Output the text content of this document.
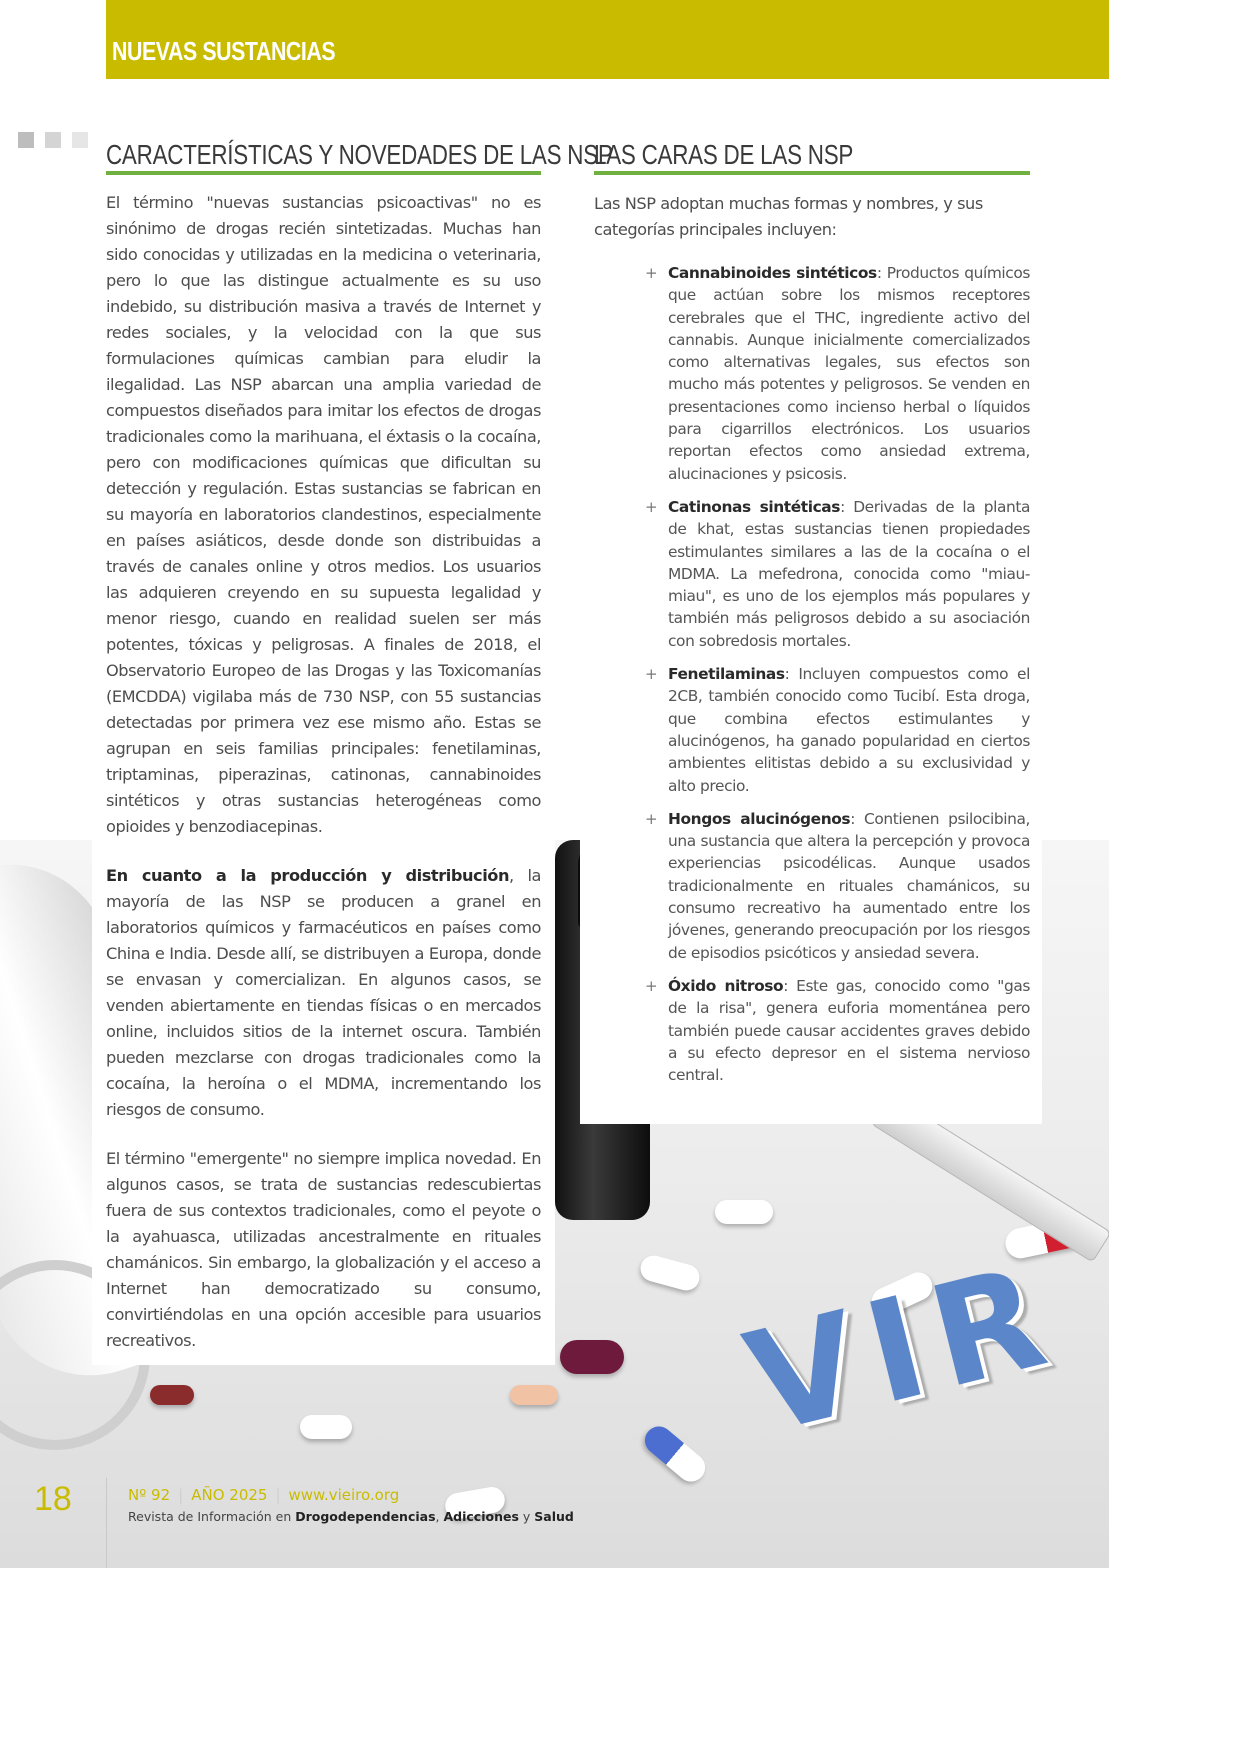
VIR
NUEVAS SUSTANCIAS
CARACTERÍSTICAS Y NOVEDADES DE LAS NSP
El término "nuevas sustancias psicoactivas" no es sinónimo de drogas recién sintetizadas. Muchas han sido conocidas y utilizadas en la medicina o veterinaria, pero lo que las distingue actualmente es su uso indebido, su distribución masiva a través de Internet y redes sociales, y la velocidad con la que sus formulaciones químicas cambian para eludir la ilegalidad. Las NSP abarcan una amplia variedad de compuestos diseñados para imitar los efectos de drogas tradicionales como la marihuana, el éxtasis o la cocaína, pero con modificaciones químicas que dificultan su detección y regulación. Estas sustancias se fabrican en su mayoría en laboratorios clandestinos, especialmente en países asiáticos, desde donde son distribuidas a través de canales online y otros medios. Los usuarios las adquieren creyendo en su supuesta legalidad y menor riesgo, cuando en realidad suelen ser más potentes, tóxicas y peligrosas. A finales de 2018, el Observatorio Europeo de las Drogas y las Toxicomanías (EMCDDA) vigilaba más de 730 NSP, con 55 sustancias detectadas por primera vez ese mismo año. Estas se agrupan en seis familias principales: fenetilaminas, triptaminas, piperazinas, catinonas, cannabinoides sintéticos y otras sustancias heterogéneas como opioides y benzodiacepinas.
En cuanto a la producción y distribución, la mayoría de las NSP se producen a granel en laboratorios químicos y farmacéuticos en países como China e India. Desde allí, se distribuyen a Europa, donde se envasan y comercializan. En algunos casos, se venden abiertamente en tiendas físicas o en mercados online, incluidos sitios de la internet oscura. También pueden mezclarse con drogas tradicionales como la cocaína, la heroína o el MDMA, incrementando los riesgos de consumo.
El término "emergente" no siempre implica novedad. En algunos casos, se trata de sustancias redescubiertas fuera de sus contextos tradicionales, como el peyote o la ayahuasca, utilizadas ancestralmente en rituales chamánicos. Sin embargo, la globalización y el acceso a Internet han democratizado su consumo, convirtiéndolas en una opción accesible para usuarios recreativos.
LAS CARAS DE LAS NSP
Las NSP adoptan muchas formas y nombres, y sus categorías principales incluyen:
+ Cannabinoides sintéticos: Productos químicos que actúan sobre los mismos receptores cerebrales que el THC, ingrediente activo del cannabis. Aunque inicialmente comercializados como alternativas legales, sus efectos son mucho más potentes y peligrosos. Se venden en presentaciones como incienso herbal o líquidos para cigarrillos electrónicos. Los usuarios reportan efectos como ansiedad extrema, alucinaciones y psicosis.
+ Catinonas sintéticas: Derivadas de la planta de khat, estas sustancias tienen propiedades estimulantes similares a las de la cocaína o el MDMA. La mefedrona, conocida como "miau-miau", es uno de los ejemplos más populares y también más peligrosos debido a su asociación con sobredosis mortales.
+ Fenetilaminas: Incluyen compuestos como el 2CB, también conocido como Tucibí. Esta droga, que combina efectos estimulantes y alucinógenos, ha ganado popularidad en ciertos ambientes elitistas debido a su exclusividad y alto precio.
+ Hongos alucinógenos: Contienen psilocibina, una sustancia que altera la percepción y provoca experiencias psicodélicas. Aunque usados tradicionalmente en rituales chamánicos, su consumo recreativo ha aumentado entre los jóvenes, generando preocupación por los riesgos de episodios psicóticos y ansiedad severa.
+ Óxido nitroso: Este gas, conocido como "gas de la risa", genera euforia momentánea pero también puede causar accidentes graves debido a su efecto depresor en el sistema nervioso central.
18	Nº 92 | AÑO 2025 | www.vieiro.org
Revista de Información en Drogodependencias, Adicciones y Salud
